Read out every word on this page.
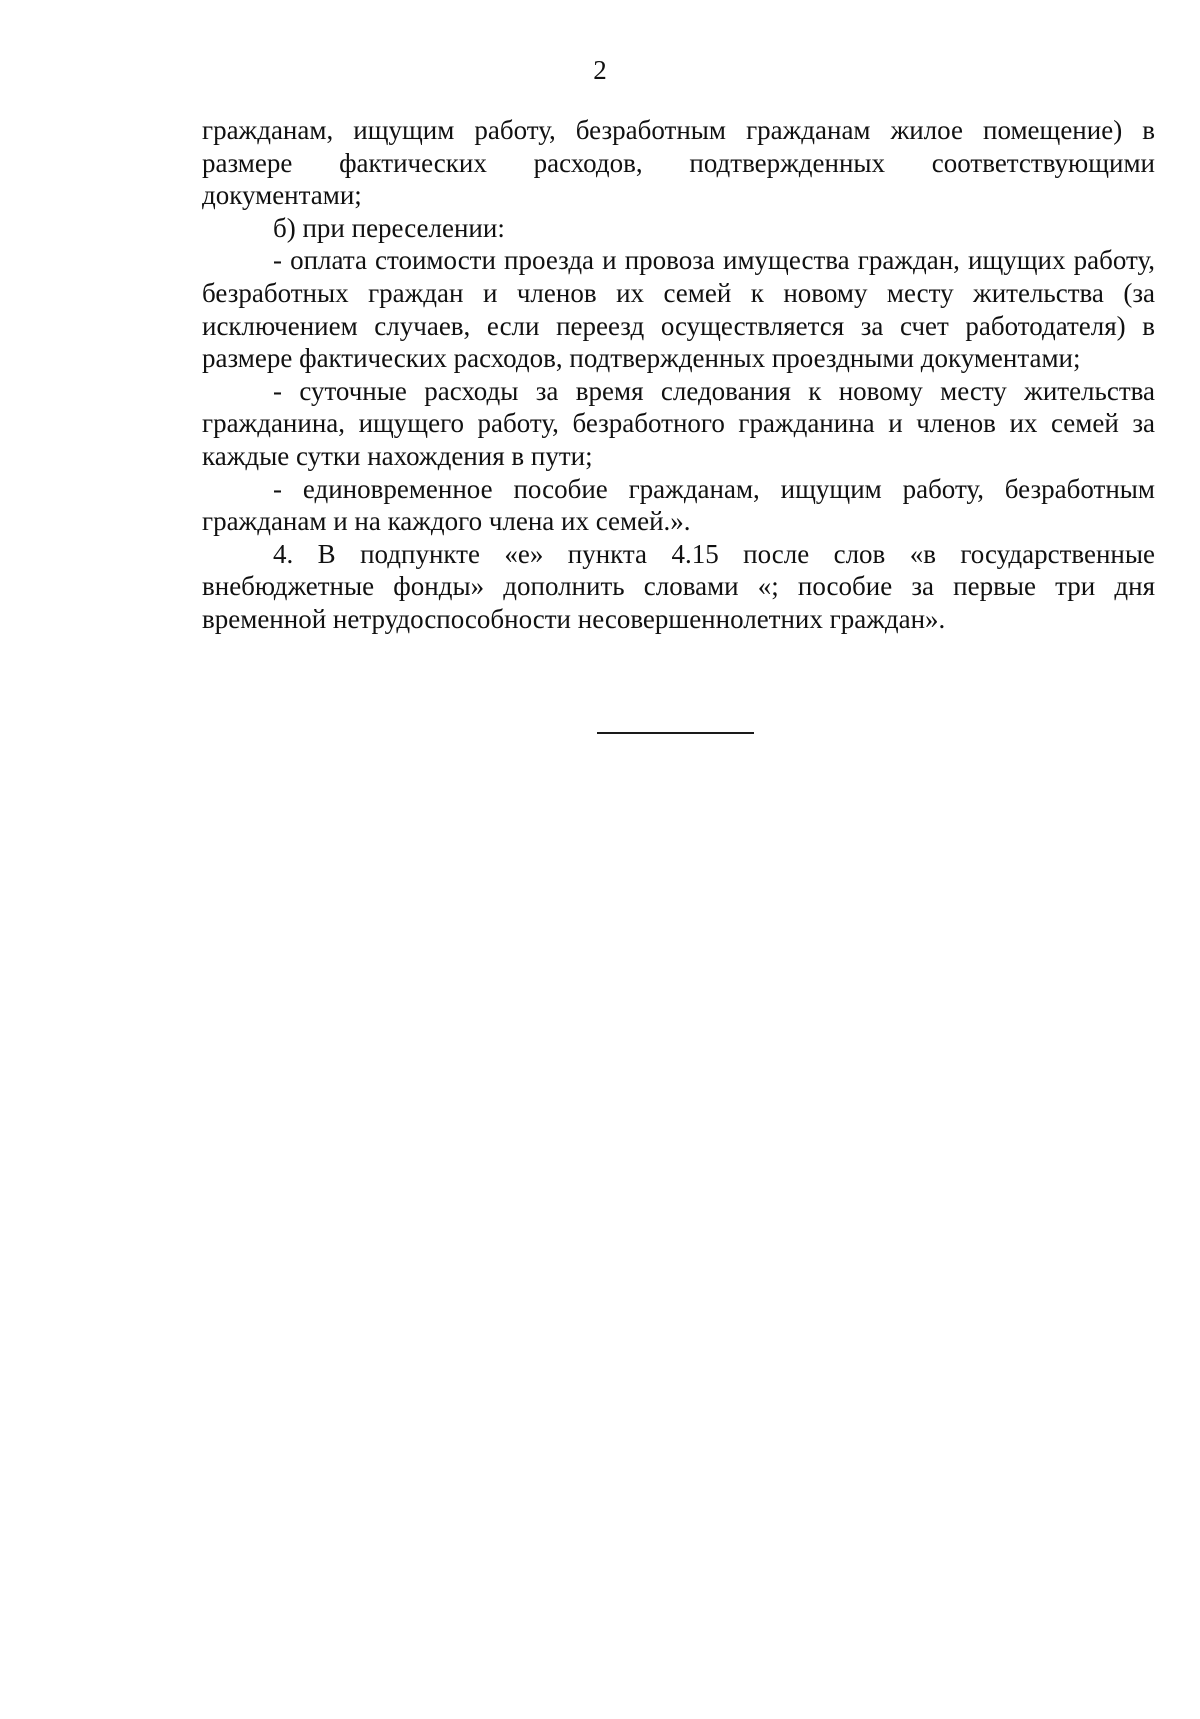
2

гражданам, ищущим работу, безработным гражданам жилое помещение) в размере фактических расходов, подтвержденных соответствующими документами;

б) при переселении:

- оплата стоимости проезда и провоза имущества граждан, ищущих работу, безработных граждан и членов их семей к новому месту жительства (за исключением случаев, если переезд осуществляется за счет работодателя) в размере фактических расходов, подтвержденных проездными документами;

- суточные расходы за время следования к новому месту жительства гражданина, ищущего работу, безработного гражданина и членов их семей за каждые сутки нахождения в пути;

- единовременное пособие гражданам, ищущим работу, безработным гражданам и на каждого члена их семей.».

4. В подпункте «е» пункта 4.15 после слов «в государственные внебюджетные фонды» дополнить словами «; пособие за первые три дня временной нетрудоспособности несовершеннолетних граждан».
